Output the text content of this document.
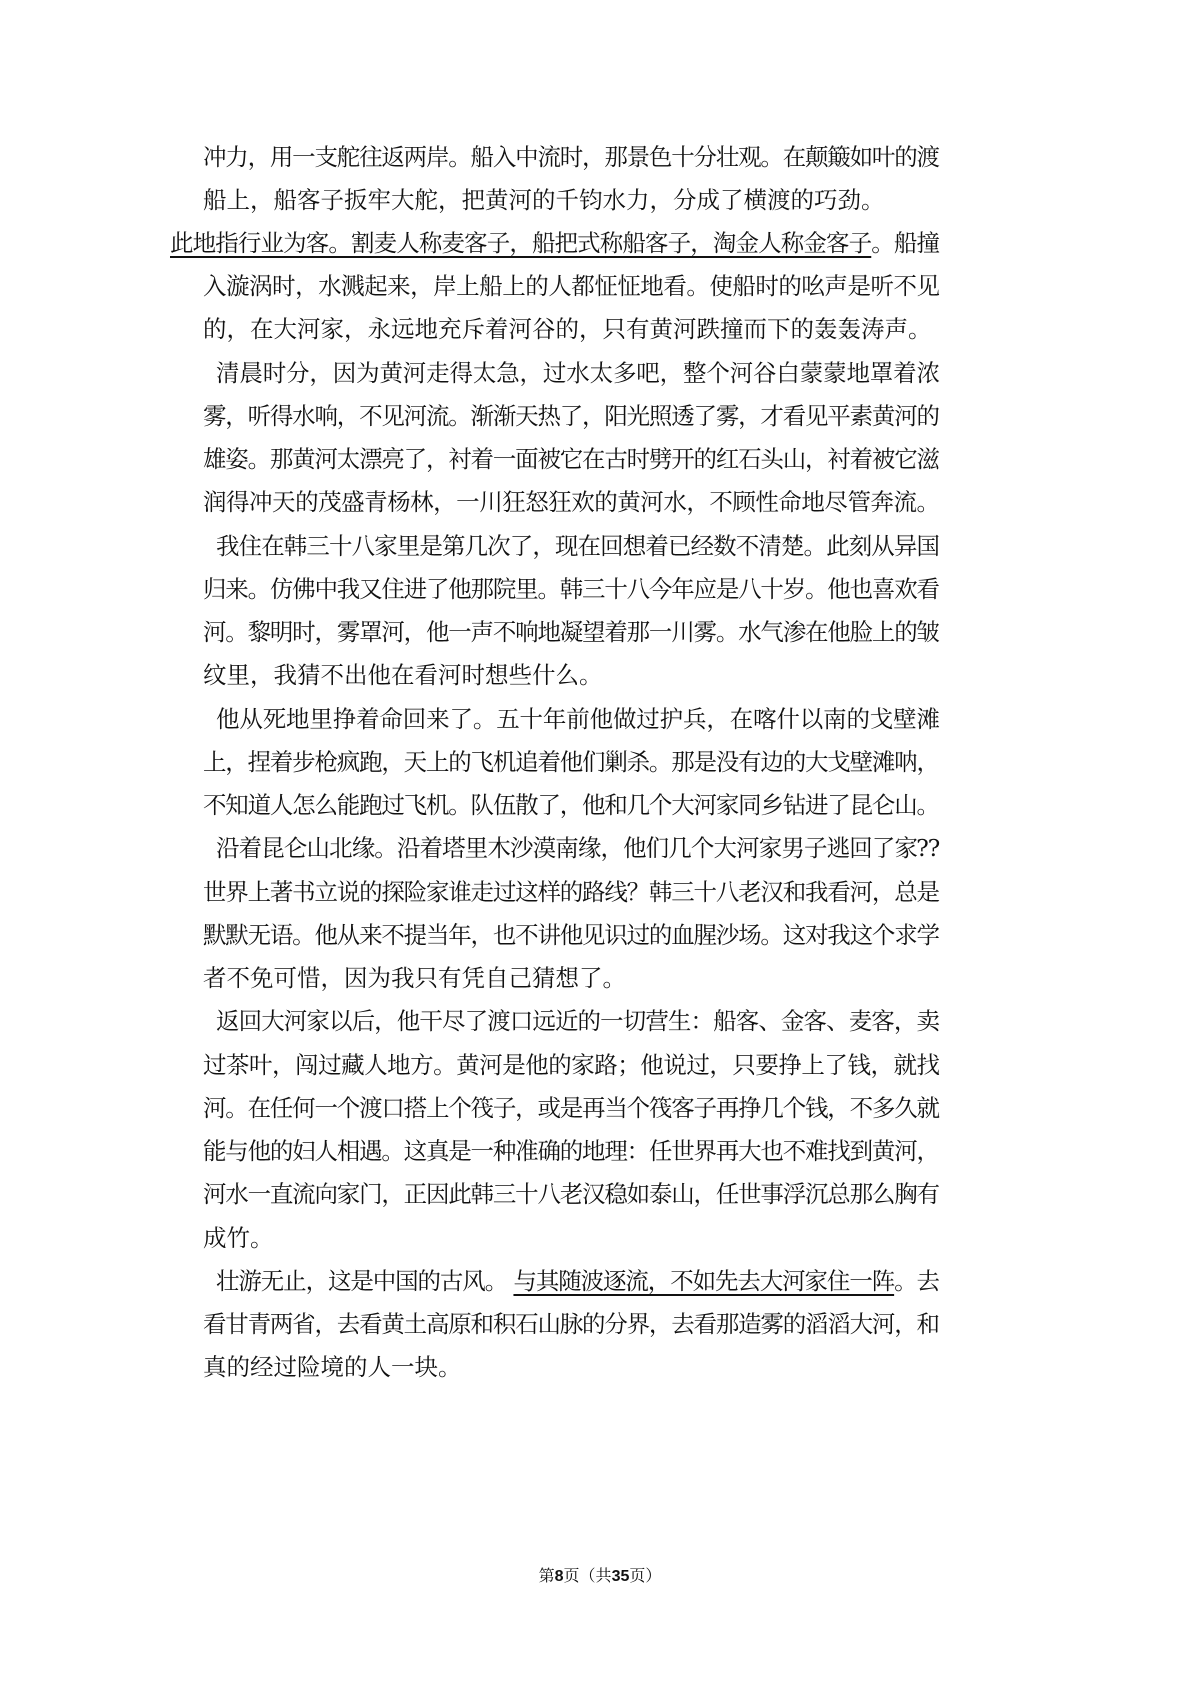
冲力，用一支舵往返两岸。船入中流时，那景色十分壮观。在颠簸如叶的渡
船上，船客子扳牢大舵，把黄河的千钧水力，分成了横渡的巧劲。
此地指行业为客。割麦人称麦客子，船把式称船客子，淘金人称金客子。船撞
入漩涡时，水溅起来，岸上船上的人都怔怔地看。使船时的吆声是听不见
的，在大河家，永远地充斥着河谷的，只有黄河跌撞而下的轰轰涛声。
清晨时分，因为黄河走得太急，过水太多吧，整个河谷白蒙蒙地罩着浓
雾，听得水响，不见河流。渐渐天热了，阳光照透了雾，才看见平素黄河的
雄姿。那黄河太漂亮了，衬着一面被它在古时劈开的红石头山，衬着被它滋
润得冲天的茂盛青杨林，一川狂怒狂欢的黄河水，不顾性命地尽管奔流。
我住在韩三十八家里是第几次了，现在回想着已经数不清楚。此刻从异国
归来。仿佛中我又住进了他那院里。韩三十八今年应是八十岁。他也喜欢看
河。黎明时，雾罩河，他一声不响地凝望着那一川雾。水气渗在他脸上的皱
纹里，我猜不出他在看河时想些什么。
他从死地里挣着命回来了。五十年前他做过护兵，在喀什以南的戈壁滩
上，捏着步枪疯跑，天上的飞机追着他们剿杀。那是没有边的大戈壁滩呐，
不知道人怎么能跑过飞机。队伍散了，他和几个大河家同乡钻进了昆仑山。
沿着昆仑山北缘。沿着塔里木沙漠南缘，他们几个大河家男子逃回了家⁇
世界上著书立说的探险家谁走过这样的路线？韩三十八老汉和我看河，总是
默默无语。他从来不提当年，也不讲他见识过的血腥沙场。这对我这个求学
者不免可惜，因为我只有凭自己猜想了。
返回大河家以后，他干尽了渡口远近的一切营生：船客、金客、麦客，卖
过茶叶，闯过藏人地方。黄河是他的家路；他说过，只要挣上了钱，就找
河。在任何一个渡口搭上个筏子，或是再当个筏客子再挣几个钱，不多久就
能与他的妇人相遇。这真是一种准确的地理：任世界再大也不难找到黄河，
河水一直流向家门，正因此韩三十八老汉稳如泰山，任世事浮沉总那么胸有
成竹。
壮游无止，这是中国的古风。 与其随波逐流，不如先去大河家住一阵。去
看甘青两省，去看黄土高原和积石山脉的分界，去看那造雾的滔滔大河，和
真的经过险境的人一块。
第8页（共35页）
